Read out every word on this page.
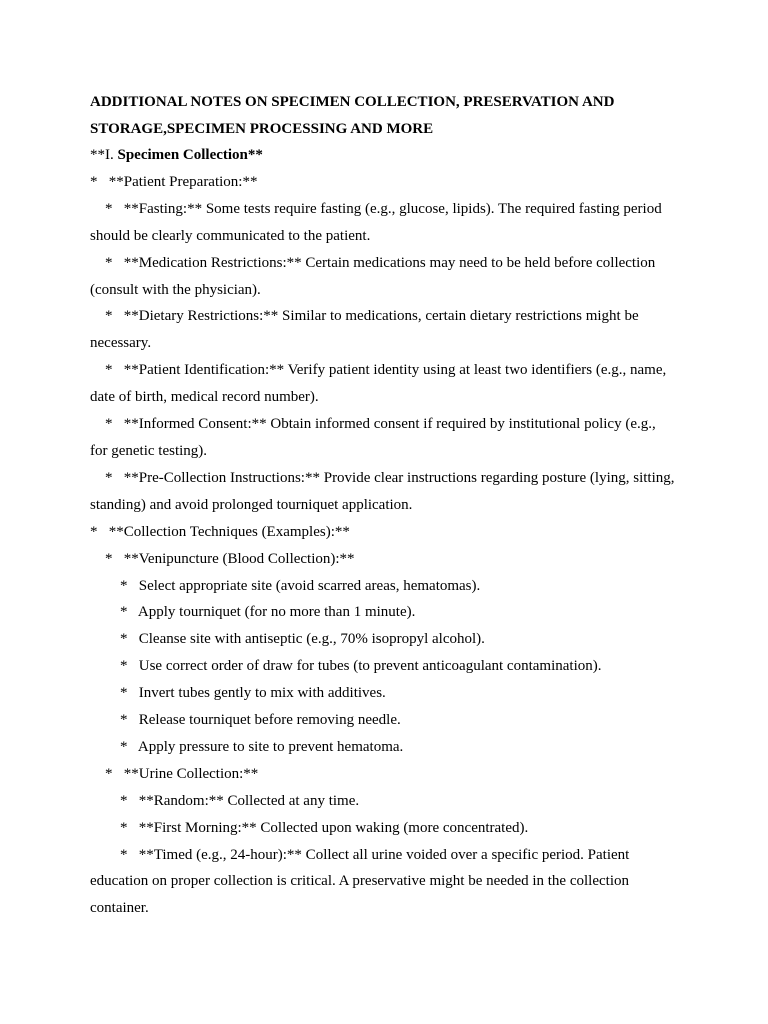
ADDITIONAL NOTES ON SPECIMEN COLLECTION, PRESERVATION AND

STORAGE,SPECIMEN PROCESSING AND MORE

**I. Specimen Collection**

*   **Patient Preparation:**

*   **Fasting:** Some tests require fasting (e.g., glucose, lipids). The required fasting period

should be clearly communicated to the patient.

*   **Medication Restrictions:** Certain medications may need to be held before collection

(consult with the physician).

*   **Dietary Restrictions:** Similar to medications, certain dietary restrictions might be

necessary.

*   **Patient Identification:** Verify patient identity using at least two identifiers (e.g., name,

date of birth, medical record number).

*   **Informed Consent:** Obtain informed consent if required by institutional policy (e.g.,

for genetic testing).

*   **Pre-Collection Instructions:** Provide clear instructions regarding posture (lying, sitting,

standing) and avoid prolonged tourniquet application.

*   **Collection Techniques (Examples):**

*   **Venipuncture (Blood Collection):**

*   Select appropriate site (avoid scarred areas, hematomas).

*   Apply tourniquet (for no more than 1 minute).

*   Cleanse site with antiseptic (e.g., 70% isopropyl alcohol).

*   Use correct order of draw for tubes (to prevent anticoagulant contamination).

*   Invert tubes gently to mix with additives.

*   Release tourniquet before removing needle.

*   Apply pressure to site to prevent hematoma.

*   **Urine Collection:**

*   **Random:** Collected at any time.

*   **First Morning:** Collected upon waking (more concentrated).

*   **Timed (e.g., 24-hour):** Collect all urine voided over a specific period. Patient

education on proper collection is critical. A preservative might be needed in the collection

container.
